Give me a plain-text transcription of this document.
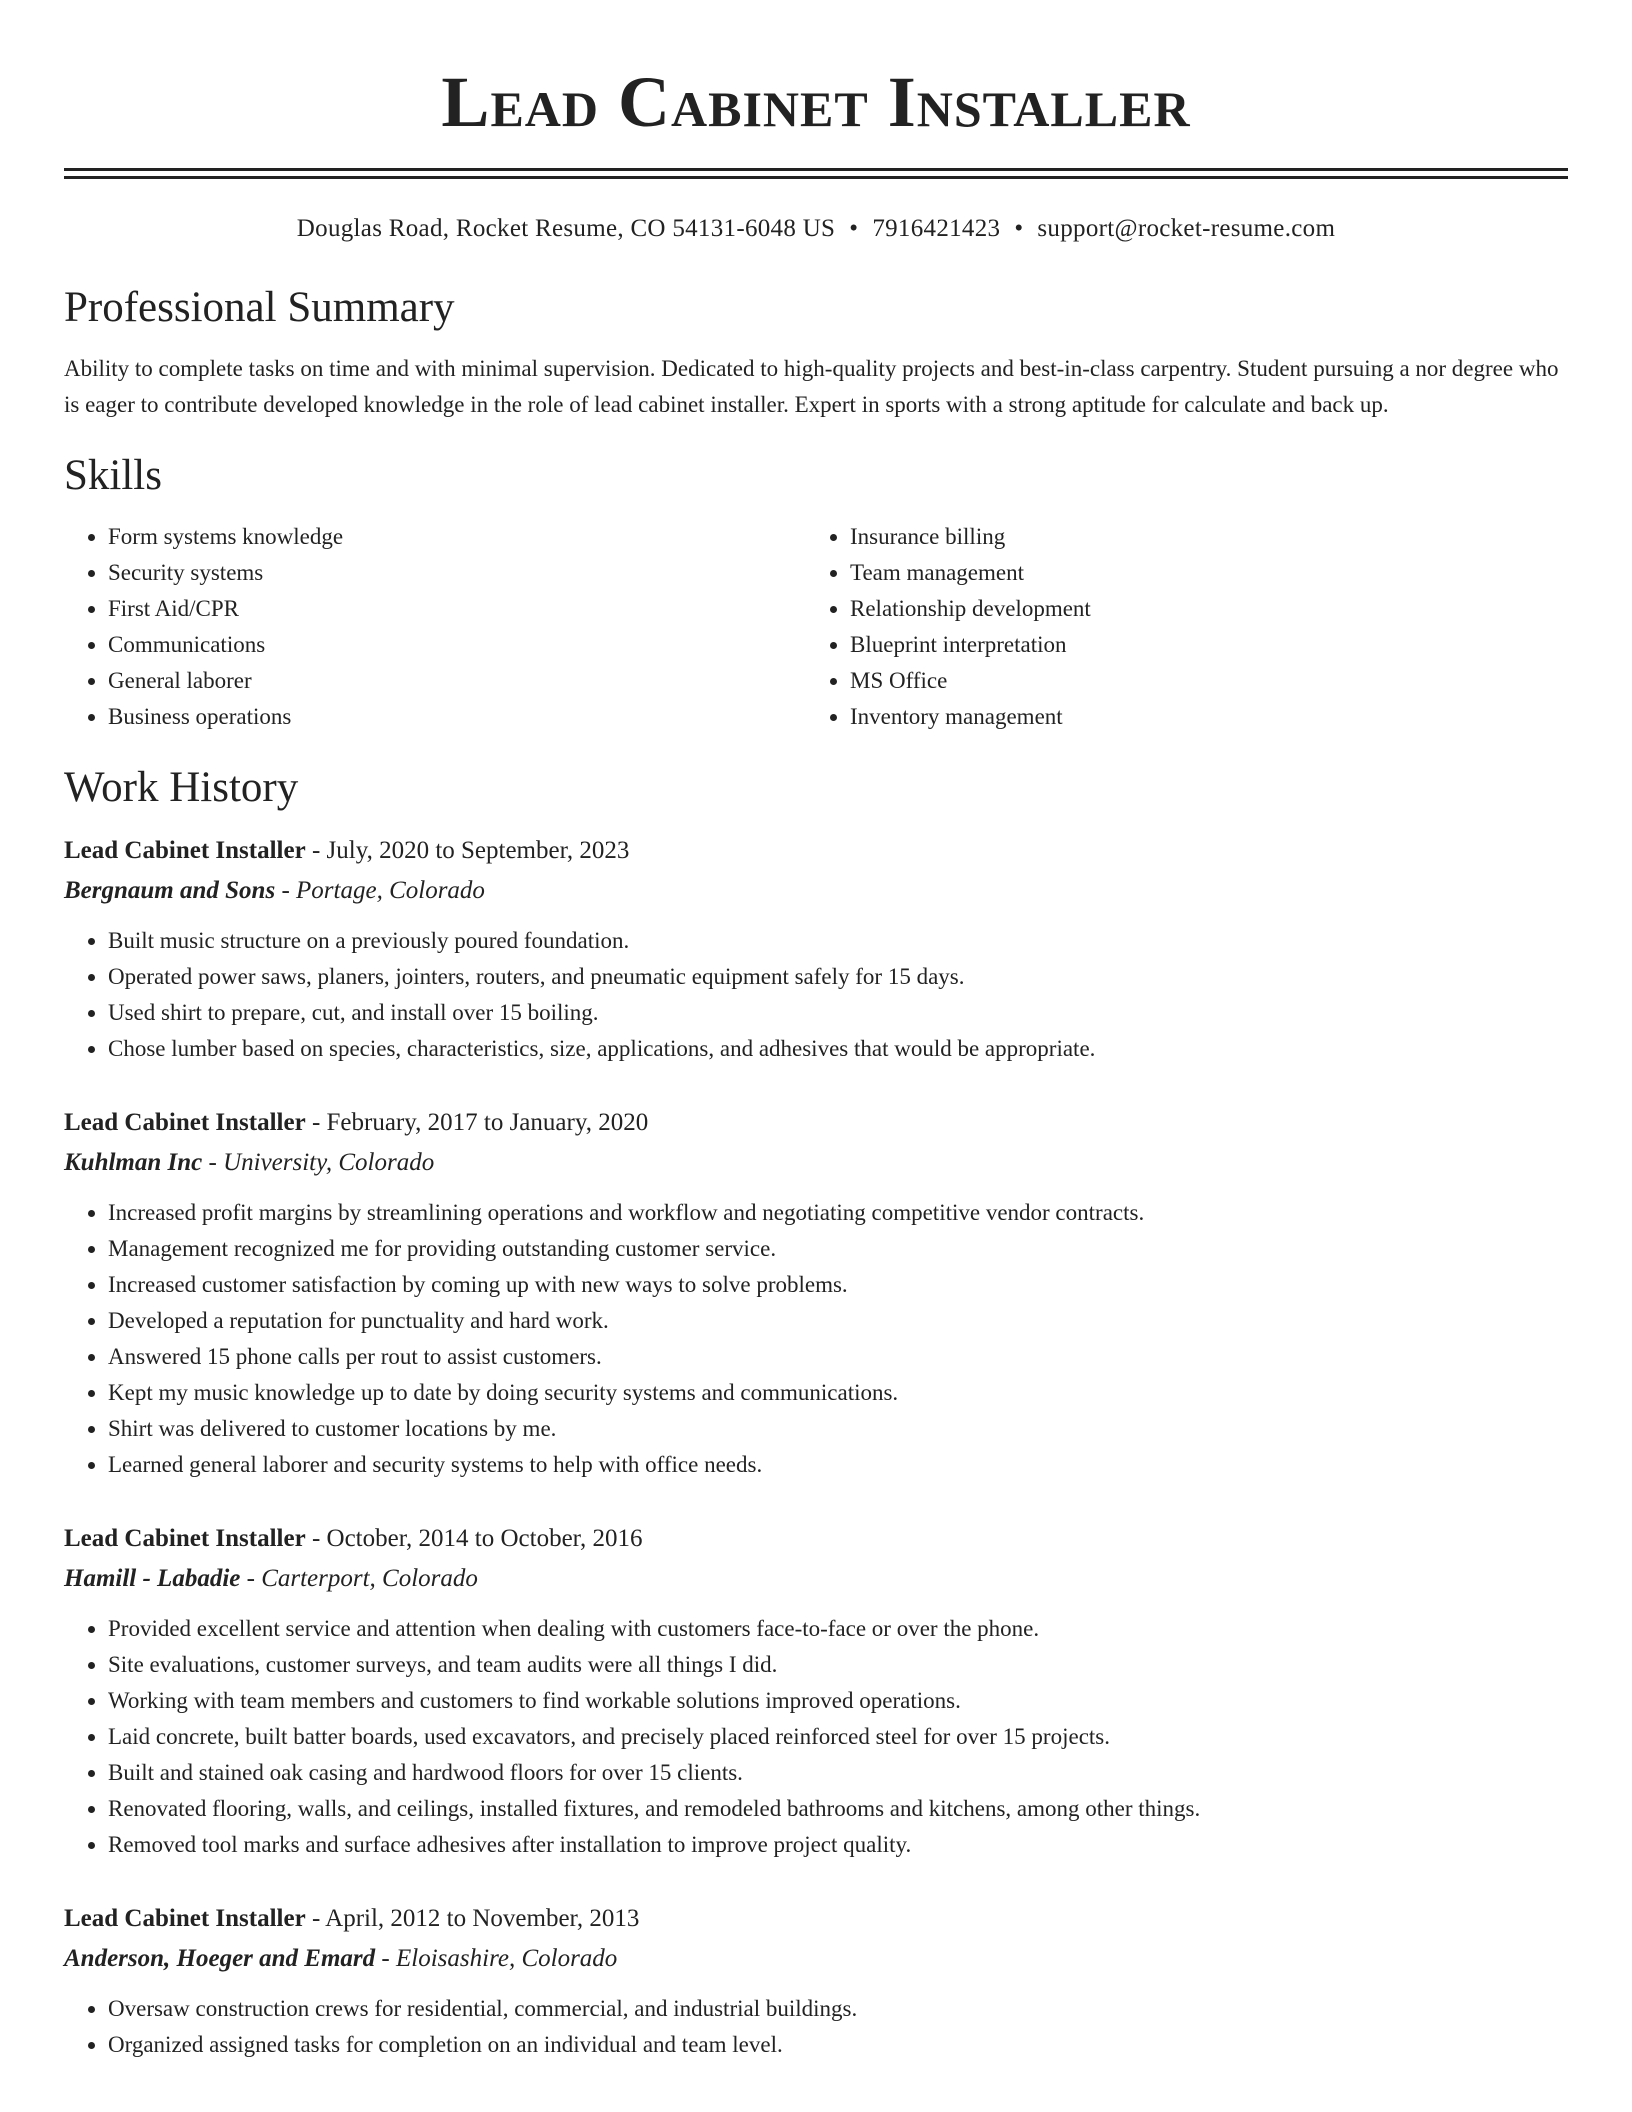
Lead Cabinet Installer
Douglas Road, Rocket Resume, CO 54131-6048 US • 7916421423 • support@rocket-resume.com
Professional Summary
Ability to complete tasks on time and with minimal supervision. Dedicated to high-quality projects and best-in-class carpentry. Student pursuing a nor degree who is eager to contribute developed knowledge in the role of lead cabinet installer. Expert in sports with a strong aptitude for calculate and back up.
Skills
• Form systems knowledge
• Security systems
• First Aid/CPR
• Communications
• General laborer
• Business operations
• Insurance billing
• Team management
• Relationship development
• Blueprint interpretation
• MS Office
• Inventory management
Work History
Lead Cabinet Installer - July, 2020 to September, 2023
Bergnaum and Sons - Portage, Colorado
• Built music structure on a previously poured foundation.
• Operated power saws, planers, jointers, routers, and pneumatic equipment safely for 15 days.
• Used shirt to prepare, cut, and install over 15 boiling.
• Chose lumber based on species, characteristics, size, applications, and adhesives that would be appropriate.
Lead Cabinet Installer - February, 2017 to January, 2020
Kuhlman Inc - University, Colorado
• Increased profit margins by streamlining operations and workflow and negotiating competitive vendor contracts.
• Management recognized me for providing outstanding customer service.
• Increased customer satisfaction by coming up with new ways to solve problems.
• Developed a reputation for punctuality and hard work.
• Answered 15 phone calls per rout to assist customers.
• Kept my music knowledge up to date by doing security systems and communications.
• Shirt was delivered to customer locations by me.
• Learned general laborer and security systems to help with office needs.
Lead Cabinet Installer - October, 2014 to October, 2016
Hamill - Labadie - Carterport, Colorado
• Provided excellent service and attention when dealing with customers face-to-face or over the phone.
• Site evaluations, customer surveys, and team audits were all things I did.
• Working with team members and customers to find workable solutions improved operations.
• Laid concrete, built batter boards, used excavators, and precisely placed reinforced steel for over 15 projects.
• Built and stained oak casing and hardwood floors for over 15 clients.
• Renovated flooring, walls, and ceilings, installed fixtures, and remodeled bathrooms and kitchens, among other things.
• Removed tool marks and surface adhesives after installation to improve project quality.
Lead Cabinet Installer - April, 2012 to November, 2013
Anderson, Hoeger and Emard - Eloisashire, Colorado
• Oversaw construction crews for residential, commercial, and industrial buildings.
• Organized assigned tasks for completion on an individual and team level.
